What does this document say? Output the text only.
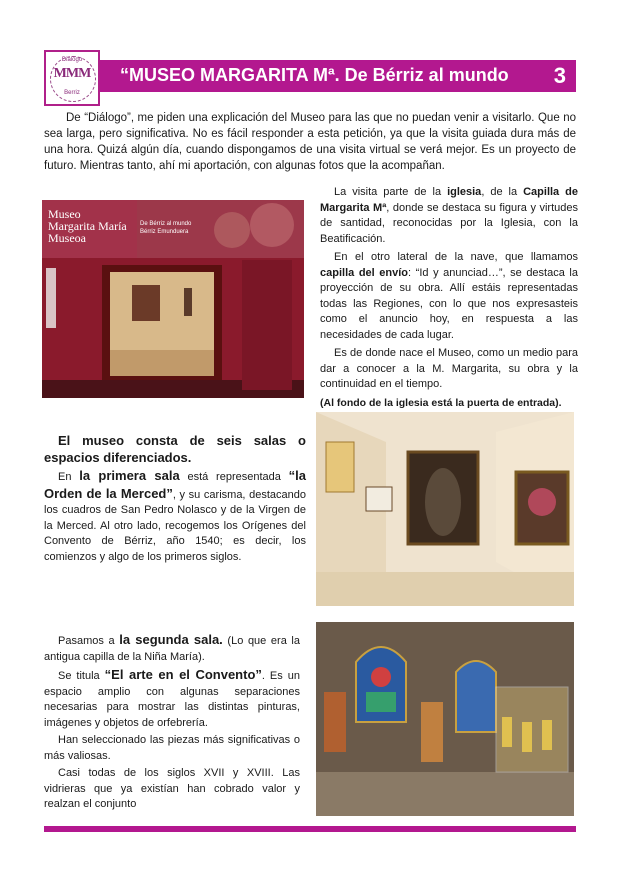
Diálogo
MMM
Berriz
“MUSEO MARGARITA Mª. De Bérriz al mundo 3
De “Diálogo”, me piden una explicación del Museo para las que no puedan venir a visitarlo. Que no sea larga, pero significativa. No es fácil responder a esta petición, ya que la visita guiada dura más de una hora. Quizá algún día, cuando dispongamos de una visita virtual se verá mejor. Es un proyecto de futuro. Mientras tanto, ahí mi aportación, con algunas fotos que la acompañan.
Museo
Margarita María
Museoa
De Bérriz al mundo
Bérriz Emunduera

La visita parte de la iglesia, de la Capilla de Margarita Mª, donde se destaca su figura y virtudes de santidad, reconocidas por la Iglesia, con la Beatificación.

En el otro lateral de la nave, que llamamos capilla del envío: “Id y anunciad…”, se destaca la proyección de su obra. Allí estáis representadas todas las Regiones, con lo que nos expresasteis como el anuncio hoy, en respuesta a las necesidades de cada lugar.

Es de donde nace el Museo, como un medio para dar a conocer a la M. Margarita, su obra y la continuidad en el tiempo.

(Al fondo de la iglesia está la puerta de entrada).

El museo consta de seis salas o espacios diferenciados.

En la primera sala está representada “la Orden de la Merced”, y su carisma, destacando los cuadros de San Pedro Nolasco y de la Virgen de la Merced. Al otro lado, recogemos los Orígenes del Convento de Bérriz, año 1540; es decir, los comienzos y algo de los primeros siglos.

Pasamos a la segunda sala. (Lo que era la antigua capilla de la Niña María).

Se titula “El arte en el Convento”. Es un espacio amplio con algunas separaciones necesarias para mostrar las distintas pinturas, imágenes y objetos de orfebrería.

Han seleccionado las piezas más significativas o más valiosas.

Casi todas de los siglos XVII y XVIII. Las vidrieras que ya existían han cobrado valor y realzan el conjunto
